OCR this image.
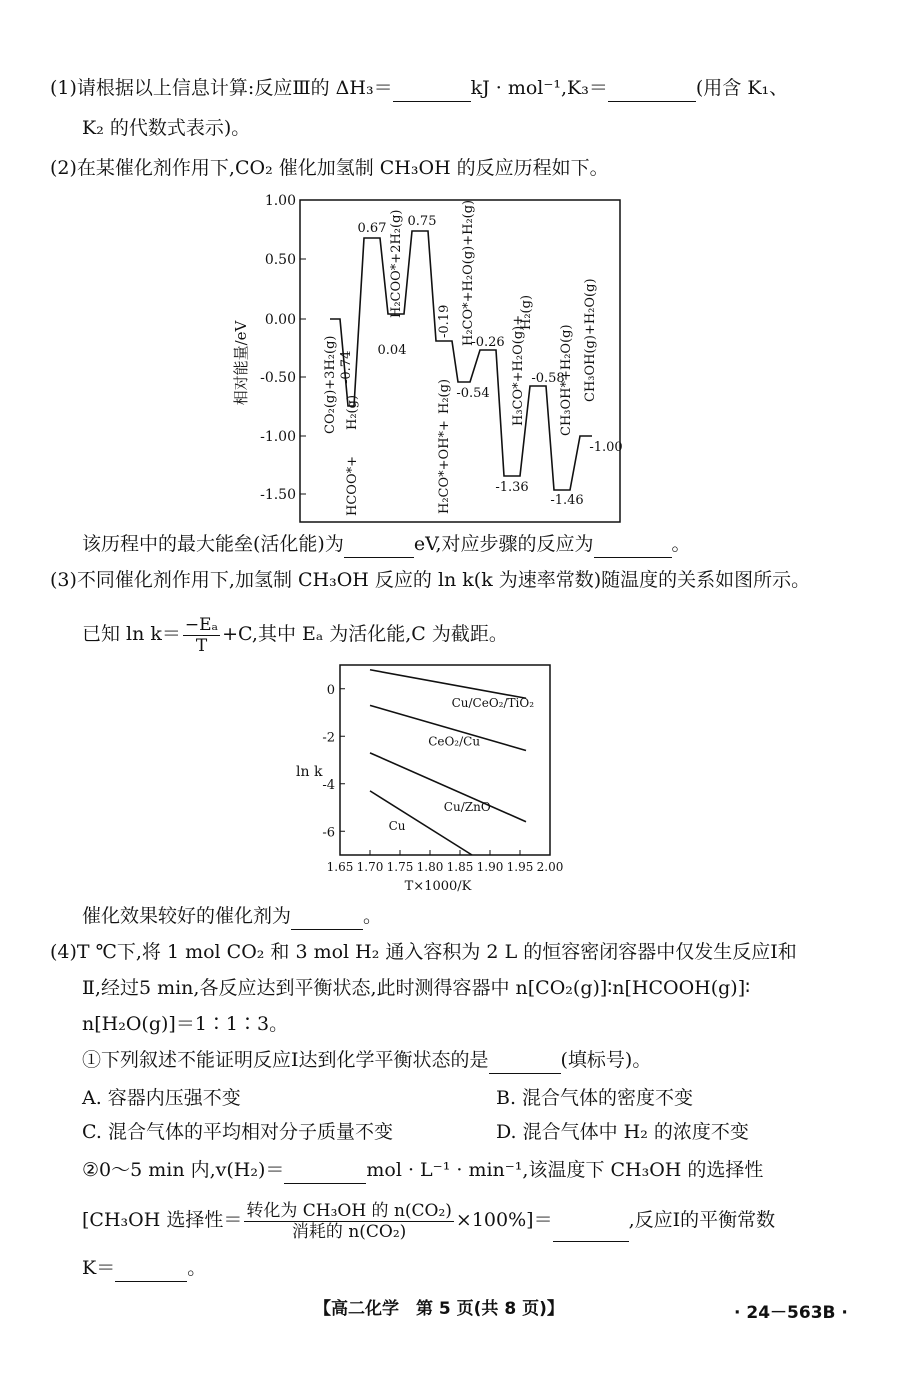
(1)请根据以上信息计算:反应Ⅲ的 ΔH₃＝	kJ · mol⁻¹,K₃＝	(用含 K₁、
K₂ 的代数式表示)。
(2)在某催化剂作用下,CO₂ 催化加氢制 CH₃OH 的反应历程如下。
相对能量/eV
1.00
0.50
0.00
-0.50
-1.00
-1.50
0.67 0.75
0.04
-0.74
-0.19
-0.26
-0.54
-1.36
-0.58
-1.46
-1.00
CO₂(g)+3H₂(g)
HCOO*+
H₂(g)
H₂COO*+2H₂(g)
H₂CO*+OH*+
H₂(g)
H₂CO*+H₂O(g)+H₂(g)
H₃CO*+H₂O(g)+
H₂(g)
CH₃OH*+H₂O(g) CH₃OH(g)+H₂O(g)
该历程中的最大能垒(活化能)为	eV,对应步骤的反应为	。
(3)不同催化剂作用下,加氢制 CH₃OH 反应的 ln k(k 为速率常数)随温度的关系如图所示。
已知 $\ln k= \frac{\text{−Eₐ}}{T} +C$,其中 Eₐ 为活化能,C 为截距。
ln k
T×1000/K
1.65 1.70 1.75 1.80 1.85 1.90 1.95 2.00
0
-2
-4
-6
Cu/CeO₂/TiO₂
CeO₂/Cu
Cu/ZnO
Cu
催化效果较好的催化剂为	。
(4)T ℃下,将 1 mol CO₂ 和 3 mol H₂ 通入容积为 2 L 的恒容密闭容器中仅发生反应Ⅰ和
Ⅱ,经过5 min,各反应达到平衡状态,此时测得容器中 n[CO₂(g)]∶n[HCOOH(g)]∶
n[H₂O(g)]＝1∶1∶3。
①下列叙述不能证明反应Ⅰ达到化学平衡状态的是	(填标号)。
A. 容器内压强不变	B. 混合气体的密度不变
C. 混合气体的平均相对分子质量不变	D. 混合气体中 H₂ 的浓度不变
②0～5 min 内,v(H₂)＝	mol · L⁻¹ · min⁻¹,该温度下 CH₃OH 的选择性
[CH₃OH 选择性＝ $\frac{\text{转化为 CH₃OH 的 n(CO₂)}}{\text{消耗的 n(CO₂)}} \times 100\%]=$	,反应Ⅰ的平衡常数
K＝	。
【高二化学　第 5 页(共 8 页)】	· 24－563B ·
